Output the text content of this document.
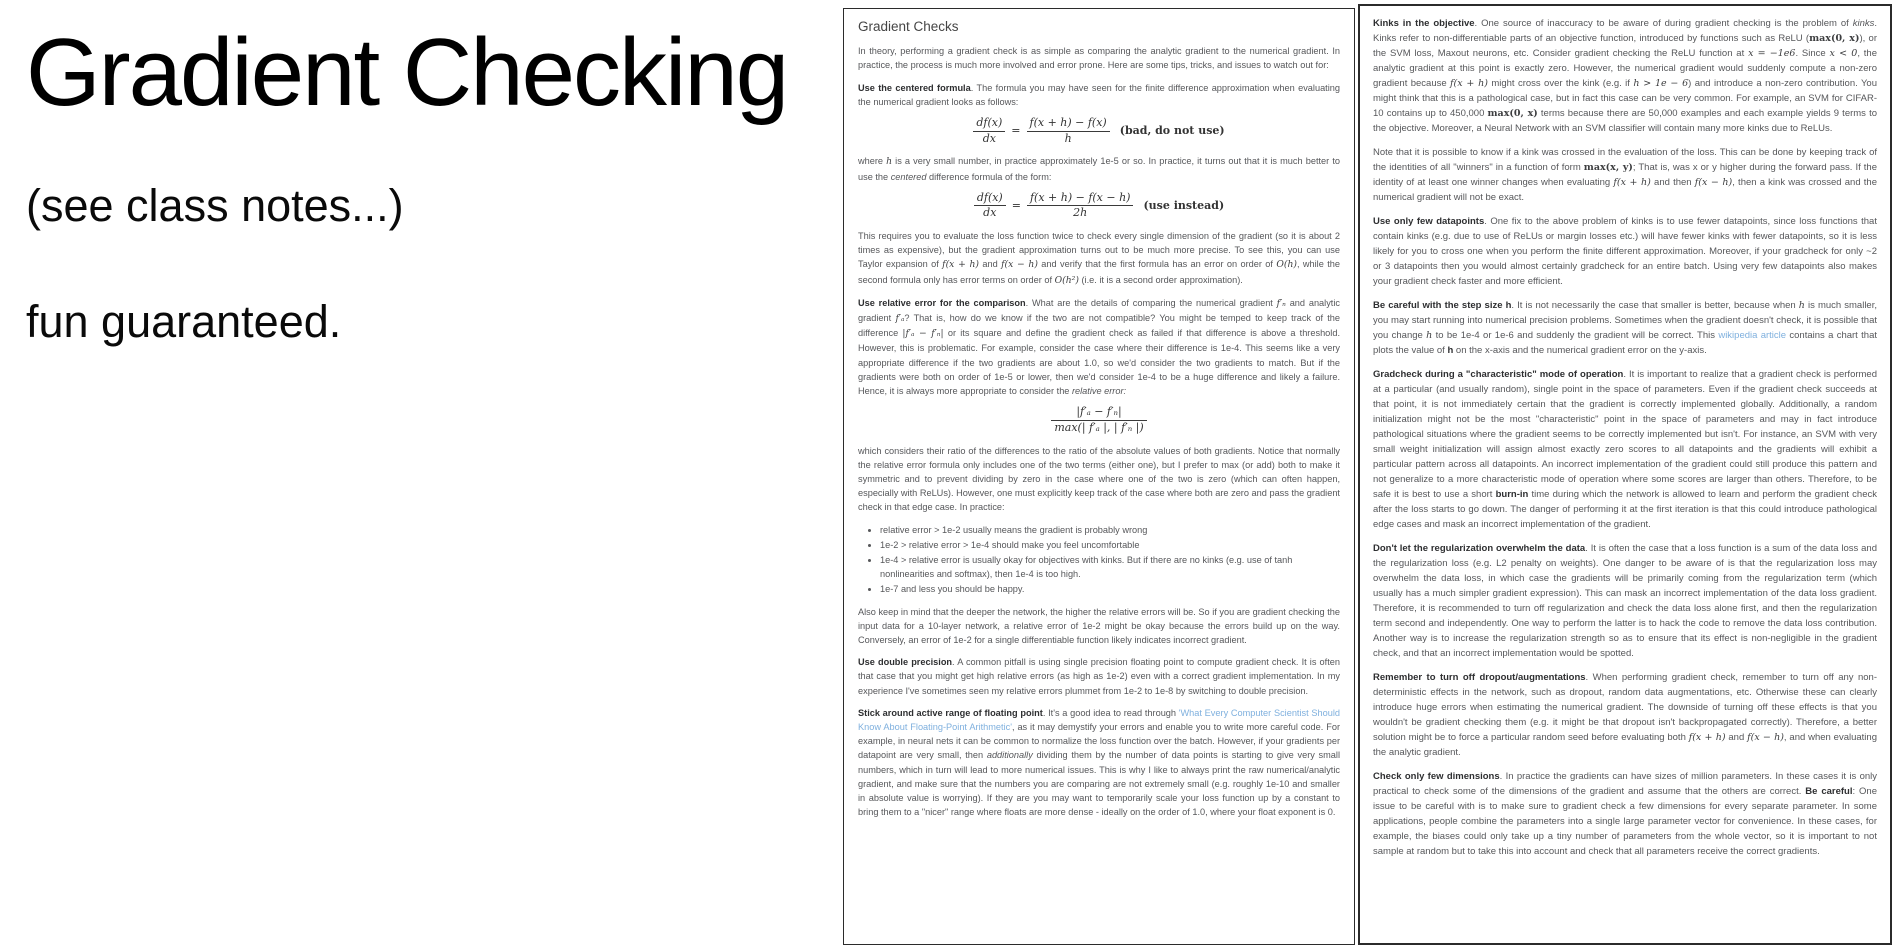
Gradient Checking
(see class notes...)
fun guaranteed.
Gradient Checks

In theory, performing a gradient check is as simple as comparing the analytic gradient to the numerical gradient. In practice, the process is much more involved and error prone. Here are some tips, tricks, and issues to watch out for:

Use the centered formula. The formula you may have seen for the finite difference approximation when evaluating the numerical gradient looks as follows:

$\frac{df(x)}{dx} = \frac{f(x + h) - f(x)}{h} (bad$, do not use)

where h is a very small number, in practice approximately 1e-5 or so. In practice, it turns out that it is much better to use the centered difference formula of the form:

$\frac{df(x)}{dx} = \frac{f(x + h) - f(x - h)}{2h} (use$ instead)

This requires you to evaluate the loss function twice to check every single dimension of the gradient (so it is about 2 times as expensive), but the gradient approximation turns out to be much more precise. To see this, you can use Taylor expansion of f(x + h) and f(x − h) and verify that the first formula has an error on order of O(h), while the second formula only has error terms on order of O(h²) (i.e. it is a second order approximation).

Use relative error for the comparison. What are the details of comparing the numerical gradient f′ₙ and analytic gradient f′ₐ? That is, how do we know if the two are not compatible? You might be temped to keep track of the difference |f′ₐ − f′ₙ| or its square and define the gradient check as failed if that difference is above a threshold. However, this is problematic. For example, consider the case where their difference is 1e-4. This seems like a very appropriate difference if the two gradients are about 1.0, so we'd consider the two gradients to match. But if the gradients were both on order of 1e-5 or lower, then we'd consider 1e-4 to be a huge difference and likely a failure. Hence, it is always more appropriate to consider the relative error:

$\frac{\text{|f′ₐ − f′ₙ|}}{\text{max(| f′ₐ |, | f′ₙ |)}}$

which considers their ratio of the differences to the ratio of the absolute values of both gradients. Notice that normally the relative error formula only includes one of the two terms (either one), but I prefer to max (or add) both to make it symmetric and to prevent dividing by zero in the case where one of the two is zero (which can often happen, especially with ReLUs). However, one must explicitly keep track of the case where both are zero and pass the gradient check in that edge case. In practice:

• relative error > 1e-2 usually means the gradient is probably wrong
• 1e-2 > relative error > 1e-4 should make you feel uncomfortable
• 1e-4 > relative error is usually okay for objectives with kinks. But if there are no kinks (e.g. use of tanh nonlinearities and softmax), then 1e-4 is too high.
• 1e-7 and less you should be happy.

Also keep in mind that the deeper the network, the higher the relative errors will be. So if you are gradient checking the input data for a 10-layer network, a relative error of 1e-2 might be okay because the errors build up on the way. Conversely, an error of 1e-2 for a single differentiable function likely indicates incorrect gradient.

Use double precision. A common pitfall is using single precision floating point to compute gradient check. It is often that case that you might get high relative errors (as high as 1e-2) even with a correct gradient implementation. In my experience I've sometimes seen my relative errors plummet from 1e-2 to 1e-8 by switching to double precision.

Stick around active range of floating point. It's a good idea to read through 'What Every Computer Scientist Should Know About Floating-Point Arithmetic', as it may demystify your errors and enable you to write more careful code. For example, in neural nets it can be common to normalize the loss function over the batch. However, if your gradients per datapoint are very small, then additionally dividing them by the number of data points is starting to give very small numbers, which in turn will lead to more numerical issues. This is why I like to always print the raw numerical/analytic gradient, and make sure that the numbers you are comparing are not extremely small (e.g. roughly 1e-10 and smaller in absolute value is worrying). If they are you may want to temporarily scale your loss function up by a constant to bring them to a "nicer" range where floats are more dense - ideally on the order of 1.0, where your float exponent is 0.

Kinks in the objective. One source of inaccuracy to be aware of during gradient checking is the problem of kinks. Kinks refer to non-differentiable parts of an objective function, introduced by functions such as ReLU (max(0, x)), or the SVM loss, Maxout neurons, etc. Consider gradient checking the ReLU function at x = −1e6. Since x < 0, the analytic gradient at this point is exactly zero. However, the numerical gradient would suddenly compute a non-zero gradient because f(x + h) might cross over the kink (e.g. if h > 1e − 6) and introduce a non-zero contribution. You might think that this is a pathological case, but in fact this case can be very common. For example, an SVM for CIFAR-10 contains up to 450,000 max(0, x) terms because there are 50,000 examples and each example yields 9 terms to the objective. Moreover, a Neural Network with an SVM classifier will contain many more kinks due to ReLUs.

Note that it is possible to know if a kink was crossed in the evaluation of the loss. This can be done by keeping track of the identities of all "winners" in a function of form max(x, y); That is, was x or y higher during the forward pass. If the identity of at least one winner changes when evaluating f(x + h) and then f(x − h), then a kink was crossed and the numerical gradient will not be exact.

Use only few datapoints. One fix to the above problem of kinks is to use fewer datapoints, since loss functions that contain kinks (e.g. due to use of ReLUs or margin losses etc.) will have fewer kinks with fewer datapoints, so it is less likely for you to cross one when you perform the finite different approximation. Moreover, if your gradcheck for only ~2 or 3 datapoints then you would almost certainly gradcheck for an entire batch. Using very few datapoints also makes your gradient check faster and more efficient.

Be careful with the step size h. It is not necessarily the case that smaller is better, because when h is much smaller, you may start running into numerical precision problems. Sometimes when the gradient doesn't check, it is possible that you change h to be 1e-4 or 1e-6 and suddenly the gradient will be correct. This wikipedia article contains a chart that plots the value of h on the x-axis and the numerical gradient error on the y-axis.

Gradcheck during a "characteristic" mode of operation. It is important to realize that a gradient check is performed at a particular (and usually random), single point in the space of parameters. Even if the gradient check succeeds at that point, it is not immediately certain that the gradient is correctly implemented globally. Additionally, a random initialization might not be the most "characteristic" point in the space of parameters and may in fact introduce pathological situations where the gradient seems to be correctly implemented but isn't. For instance, an SVM with very small weight initialization will assign almost exactly zero scores to all datapoints and the gradients will exhibit a particular pattern across all datapoints. An incorrect implementation of the gradient could still produce this pattern and not generalize to a more characteristic mode of operation where some scores are larger than others. Therefore, to be safe it is best to use a short burn-in time during which the network is allowed to learn and perform the gradient check after the loss starts to go down. The danger of performing it at the first iteration is that this could introduce pathological edge cases and mask an incorrect implementation of the gradient.

Don't let the regularization overwhelm the data. It is often the case that a loss function is a sum of the data loss and the regularization loss (e.g. L2 penalty on weights). One danger to be aware of is that the regularization loss may overwhelm the data loss, in which case the gradients will be primarily coming from the regularization term (which usually has a much simpler gradient expression). This can mask an incorrect implementation of the data loss gradient. Therefore, it is recommended to turn off regularization and check the data loss alone first, and then the regularization term second and independently. One way to perform the latter is to hack the code to remove the data loss contribution. Another way is to increase the regularization strength so as to ensure that its effect is non-negligible in the gradient check, and that an incorrect implementation would be spotted.

Remember to turn off dropout/augmentations. When performing gradient check, remember to turn off any non-deterministic effects in the network, such as dropout, random data augmentations, etc. Otherwise these can clearly introduce huge errors when estimating the numerical gradient. The downside of turning off these effects is that you wouldn't be gradient checking them (e.g. it might be that dropout isn't backpropagated correctly). Therefore, a better solution might be to force a particular random seed before evaluating both f(x + h) and f(x − h), and when evaluating the analytic gradient.

Check only few dimensions. In practice the gradients can have sizes of million parameters. In these cases it is only practical to check some of the dimensions of the gradient and assume that the others are correct. Be careful: One issue to be careful with is to make sure to gradient check a few dimensions for every separate parameter. In some applications, people combine the parameters into a single large parameter vector for convenience. In these cases, for example, the biases could only take up a tiny number of parameters from the whole vector, so it is important to not sample at random but to take this into account and check that all parameters receive the correct gradients.
